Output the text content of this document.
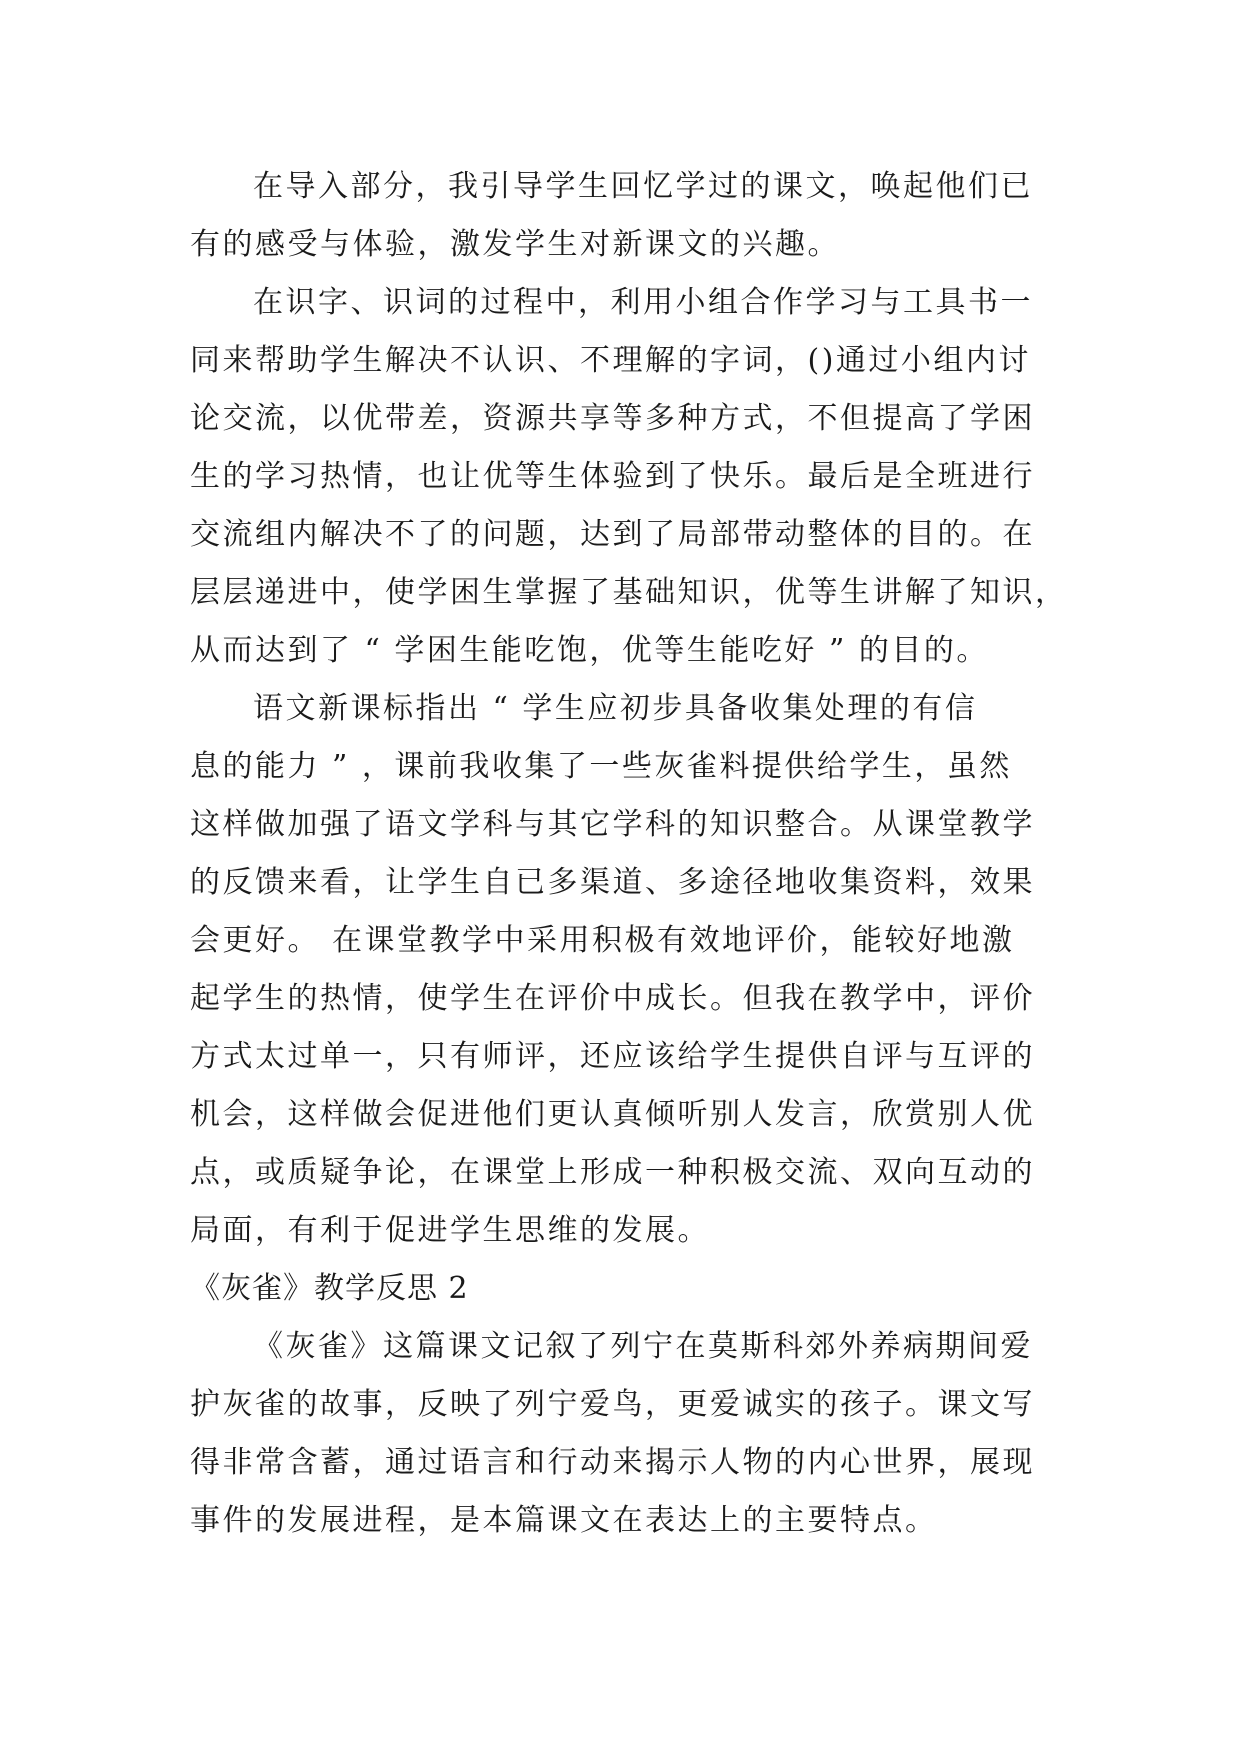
在导入部分，我引导学生回忆学过的课文，唤起他们已
有的感受与体验，激发学生对新课文的兴趣。
在识字、识词的过程中，利用小组合作学习与工具书一
同来帮助学生解决不认识、不理解的字词，()通过小组内讨
论交流，以优带差，资源共享等多种方式，不但提高了学困
生的学习热情，也让优等生体验到了快乐。最后是全班进行
交流组内解决不了的问题，达到了局部带动整体的目的。在
层层递进中，使学困生掌握了基础知识，优等生讲解了知识，
从而达到了 “ 学困生能吃饱，优等生能吃好 ” 的目的。
语文新课标指出 “ 学生应初步具备收集处理的有信
息的能力 ” ，课前我收集了一些灰雀料提供给学生，虽然
这样做加强了语文学科与其它学科的知识整合。从课堂教学
的反馈来看，让学生自已多渠道、多途径地收集资料，效果
会更好。 在课堂教学中采用积极有效地评价，能较好地激
起学生的热情，使学生在评价中成长。但我在教学中，评价
方式太过单一，只有师评，还应该给学生提供自评与互评的
机会，这样做会促进他们更认真倾听别人发言，欣赏别人优
点，或质疑争论，在课堂上形成一种积极交流、双向互动的
局面，有利于促进学生思维的发展。
《灰雀》教学反思 2
《灰雀》这篇课文记叙了列宁在莫斯科郊外养病期间爱
护灰雀的故事，反映了列宁爱鸟，更爱诚实的孩子。课文写
得非常含蓄，通过语言和行动来揭示人物的内心世界，展现
事件的发展进程，是本篇课文在表达上的主要特点。
